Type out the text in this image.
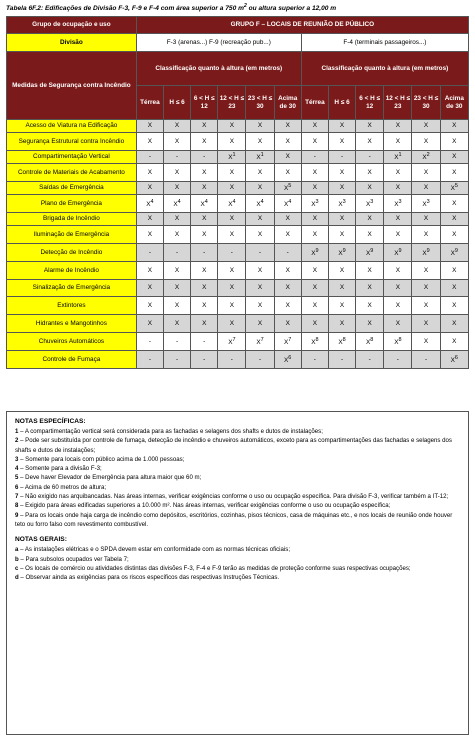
Tabela 6F.2: Edificações de Divisão F-3, F-9 e F-4 com área superior a 750 $m^2$ ou altura superior a 12,00 m
Grupo de ocupação e uso	GRUPO F – LOCAIS DE REUNIÃO DE PÚBLICO											
Divisão	F-3 (arenas...) F-9 (recreação pub...)						F-4 (terminais passageiros...)					
Medidas de Segurança contra Incêndio	Classificação quanto à altura (em metros)						Classificação quanto à altura (em metros)					
	Térrea	H ≤ 6	6 < H ≤ 12	12 < H ≤ 23	23 < H ≤ 30	Acima de 30	Térrea	H ≤ 6	6 < H ≤ 12	12 < H ≤ 23	23 < H ≤ 30	Acima de 30
Acesso de Viatura na Edificação	X	X	X	X	X	X	X	X	X	X	X	X
Segurança Estrutural contra Incêndio	X	X	X	X	X	X	X	X	X	X	X	X
Compartimentação Vertical	-	-	-	$X^1$	$X^1$	X	-	-	-	$X^1$	$X^2$	X
Controle de Materiais de Acabamento	X	X	X	X	X	X	X	X	X	X	X	X
Saídas de Emergência	X	X	X	X	X	$X^5$	X	X	X	X	X	$X^5$
Plano de Emergência	$X^4$	$X^4$	$X^4$	$X^4$	$X^4$	$X^4$	$X^3$	$X^3$	$X^3$	$X^3$	$X^3$	X
Brigada de Incêndio	X	X	X	X	X	X	X	X	X	X	X	X
Iluminação de Emergência	X	X	X	X	X	X	X	X	X	X	X	X
Detecção de Incêndio	-	-	-	-	-	-	$X^9$	$X^9$	$X^9$	$X^9$	$X^9$	$X^9$
Alarme de Incêndio	X	X	X	X	X	X	X	X	X	X	X	X
Sinalização de Emergência	X	X	X	X	X	X	X	X	X	X	X	X
Extintores	X	X	X	X	X	X	X	X	X	X	X	X
Hidrantes e Mangotinhos	X	X	X	X	X	X	X	X	X	X	X	X
Chuveiros Automáticos	-	-	-	$X^7$	$X^7$	$X^7$	$X^8$	$X^8$	$X^8$	$X^8$	X	X
Controle de Fumaça	-	-	-	-	-	$X^6$	-	-	-	-	-	$X^6$
NOTAS ESPECÍFICAS:
1 – A compartimentação vertical será considerada para as fachadas e selagens dos shafts e dutos de instalações;
2 – Pode ser substituída por controle de fumaça, detecção de incêndio e chuveiros automáticos, exceto para as compartimentações das fachadas e selagens dos shafts e dutos de instalações;
3 – Somente para locais com público acima de 1.000 pessoas;
4 – Somente para a divisão F-3;
5 – Deve haver Elevador de Emergência para altura maior que 60 m;
6 – Acima de 60 metros de altura;
7 – Não exigido nas arquibancadas. Nas áreas internas, verificar exigências conforme o uso ou ocupação específica. Para divisão F-3, verificar também a IT-12;
8 – Exigido para áreas edificadas superiores a 10.000 m². Nas áreas internas, verificar exigências conforme o uso ou ocupação específica;
9 – Para os locais onde haja carga de incêndio como depósitos, escritórios, cozinhas, pisos técnicos, casa de máquinas etc., e nos locais de reunião onde houver teto ou forro falso com revestimento combustível.
NOTAS GERAIS:
a – As instalações elétricas e o SPDA devem estar em conformidade com as normas técnicas oficiais;
b – Para subsolos ocupados ver Tabela 7;
c – Os locais de comércio ou atividades distintas das divisões F-3, F-4 e F-9 terão as medidas de proteção conforme suas respectivas ocupações;
d – Observar ainda as exigências para os riscos específicos das respectivas Instruções Técnicas.
